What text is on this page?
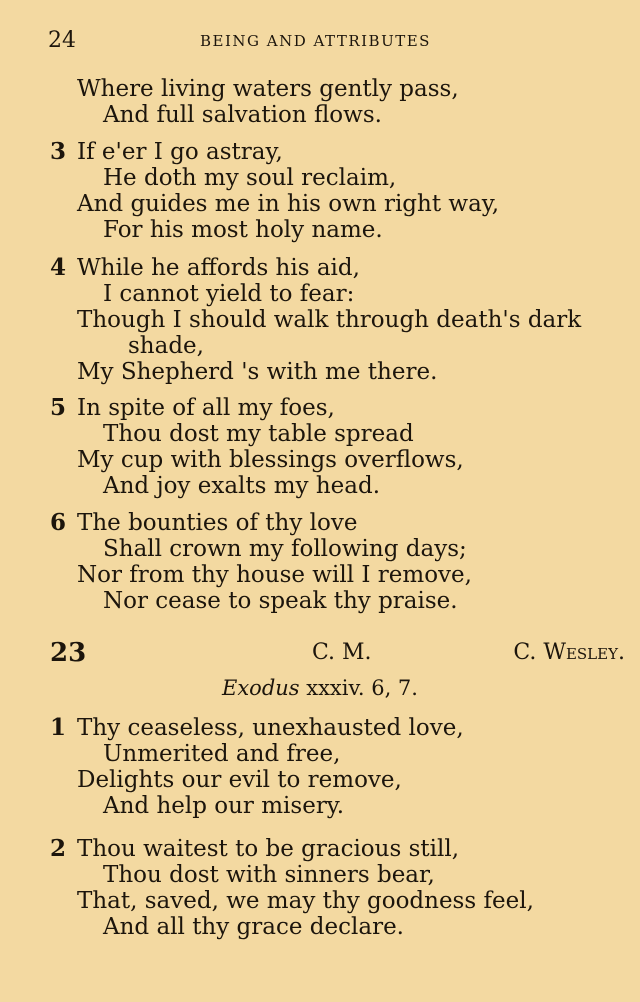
24	BEING AND ATTRIBUTES
Where living waters gently pass,
And full salvation flows.
3 If e'er I go astray,
He doth my soul reclaim,
And guides me in his own right way,
For his most holy name.
4 While he affords his aid,
I cannot yield to fear:
Though I should walk through death's dark
shade,
My Shepherd 's with me there.
5 In spite of all my foes,
Thou dost my table spread
My cup with blessings overflows,
And joy exalts my head.
6 The bounties of thy love
Shall crown my following days;
Nor from thy house will I remove,
Nor cease to speak thy praise.
23	C. M.	C. Wesley.
Exodus xxxiv. 6, 7.
1 Thy ceaseless, unexhausted love,
Unmerited and free,
Delights our evil to remove,
And help our misery.
2 Thou waitest to be gracious still,
Thou dost with sinners bear,
That, saved, we may thy goodness feel,
And all thy grace declare.
